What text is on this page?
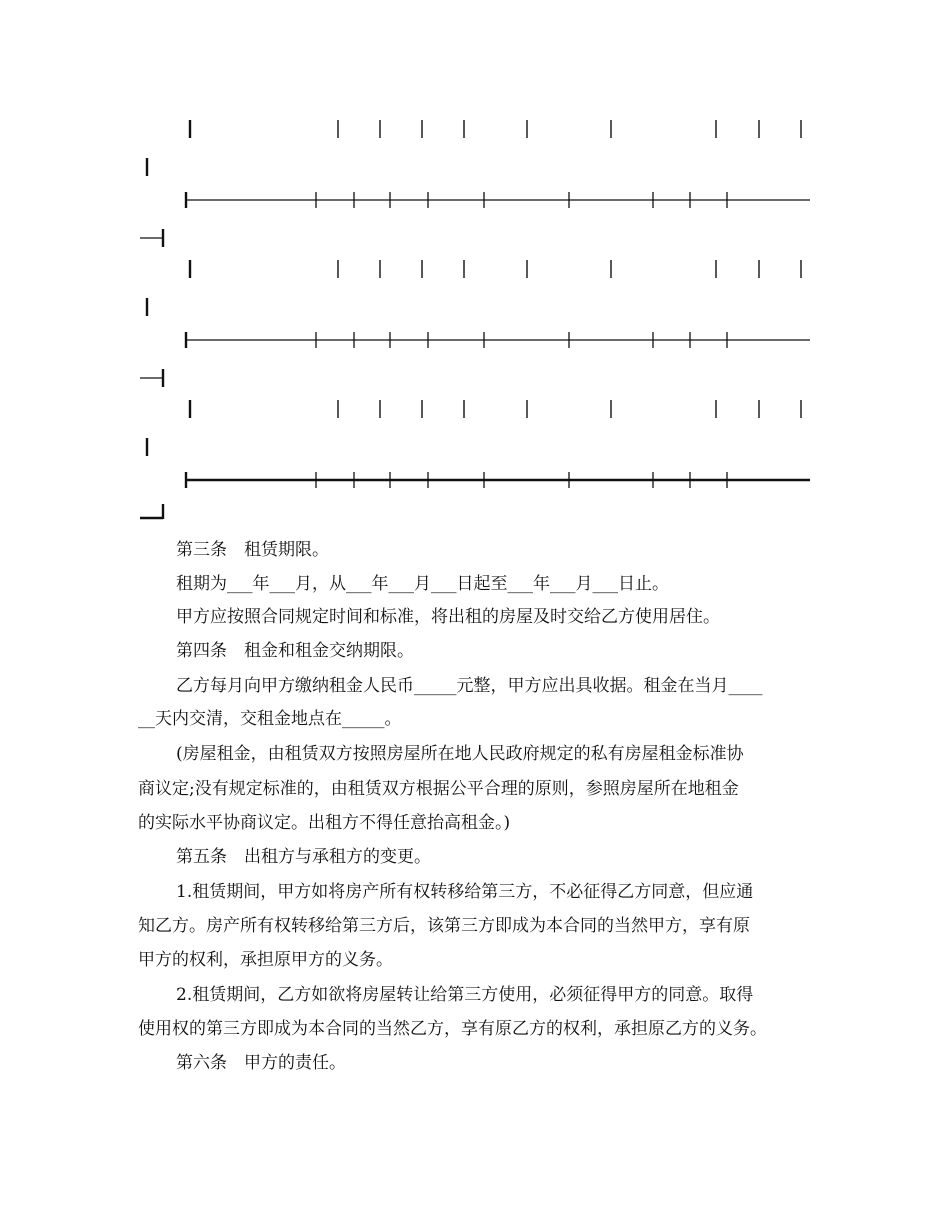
第三条　租赁期限。
租期为___年___月，从___年___月___日起至___年___月___日止。
甲方应按照合同规定时间和标准，将出租的房屋及时交给乙方使用居住。
第四条　租金和租金交纳期限。
乙方每月向甲方缴纳租金人民币_____元整，甲方应出具收据。租金在当月____
__天内交清，交租金地点在_____。
(房屋租金，由租赁双方按照房屋所在地人民政府规定的私有房屋租金标准协
商议定;没有规定标准的，由租赁双方根据公平合理的原则，参照房屋所在地租金
的实际水平协商议定。出租方不得任意抬高租金。)
第五条　出租方与承租方的变更。
1.租赁期间，甲方如将房产所有权转移给第三方，不必征得乙方同意，但应通
知乙方。房产所有权转移给第三方后，该第三方即成为本合同的当然甲方，享有原
甲方的权利，承担原甲方的义务。
2.租赁期间，乙方如欲将房屋转让给第三方使用，必须征得甲方的同意。取得
使用权的第三方即成为本合同的当然乙方，享有原乙方的权利，承担原乙方的义务。
第六条　甲方的责任。
